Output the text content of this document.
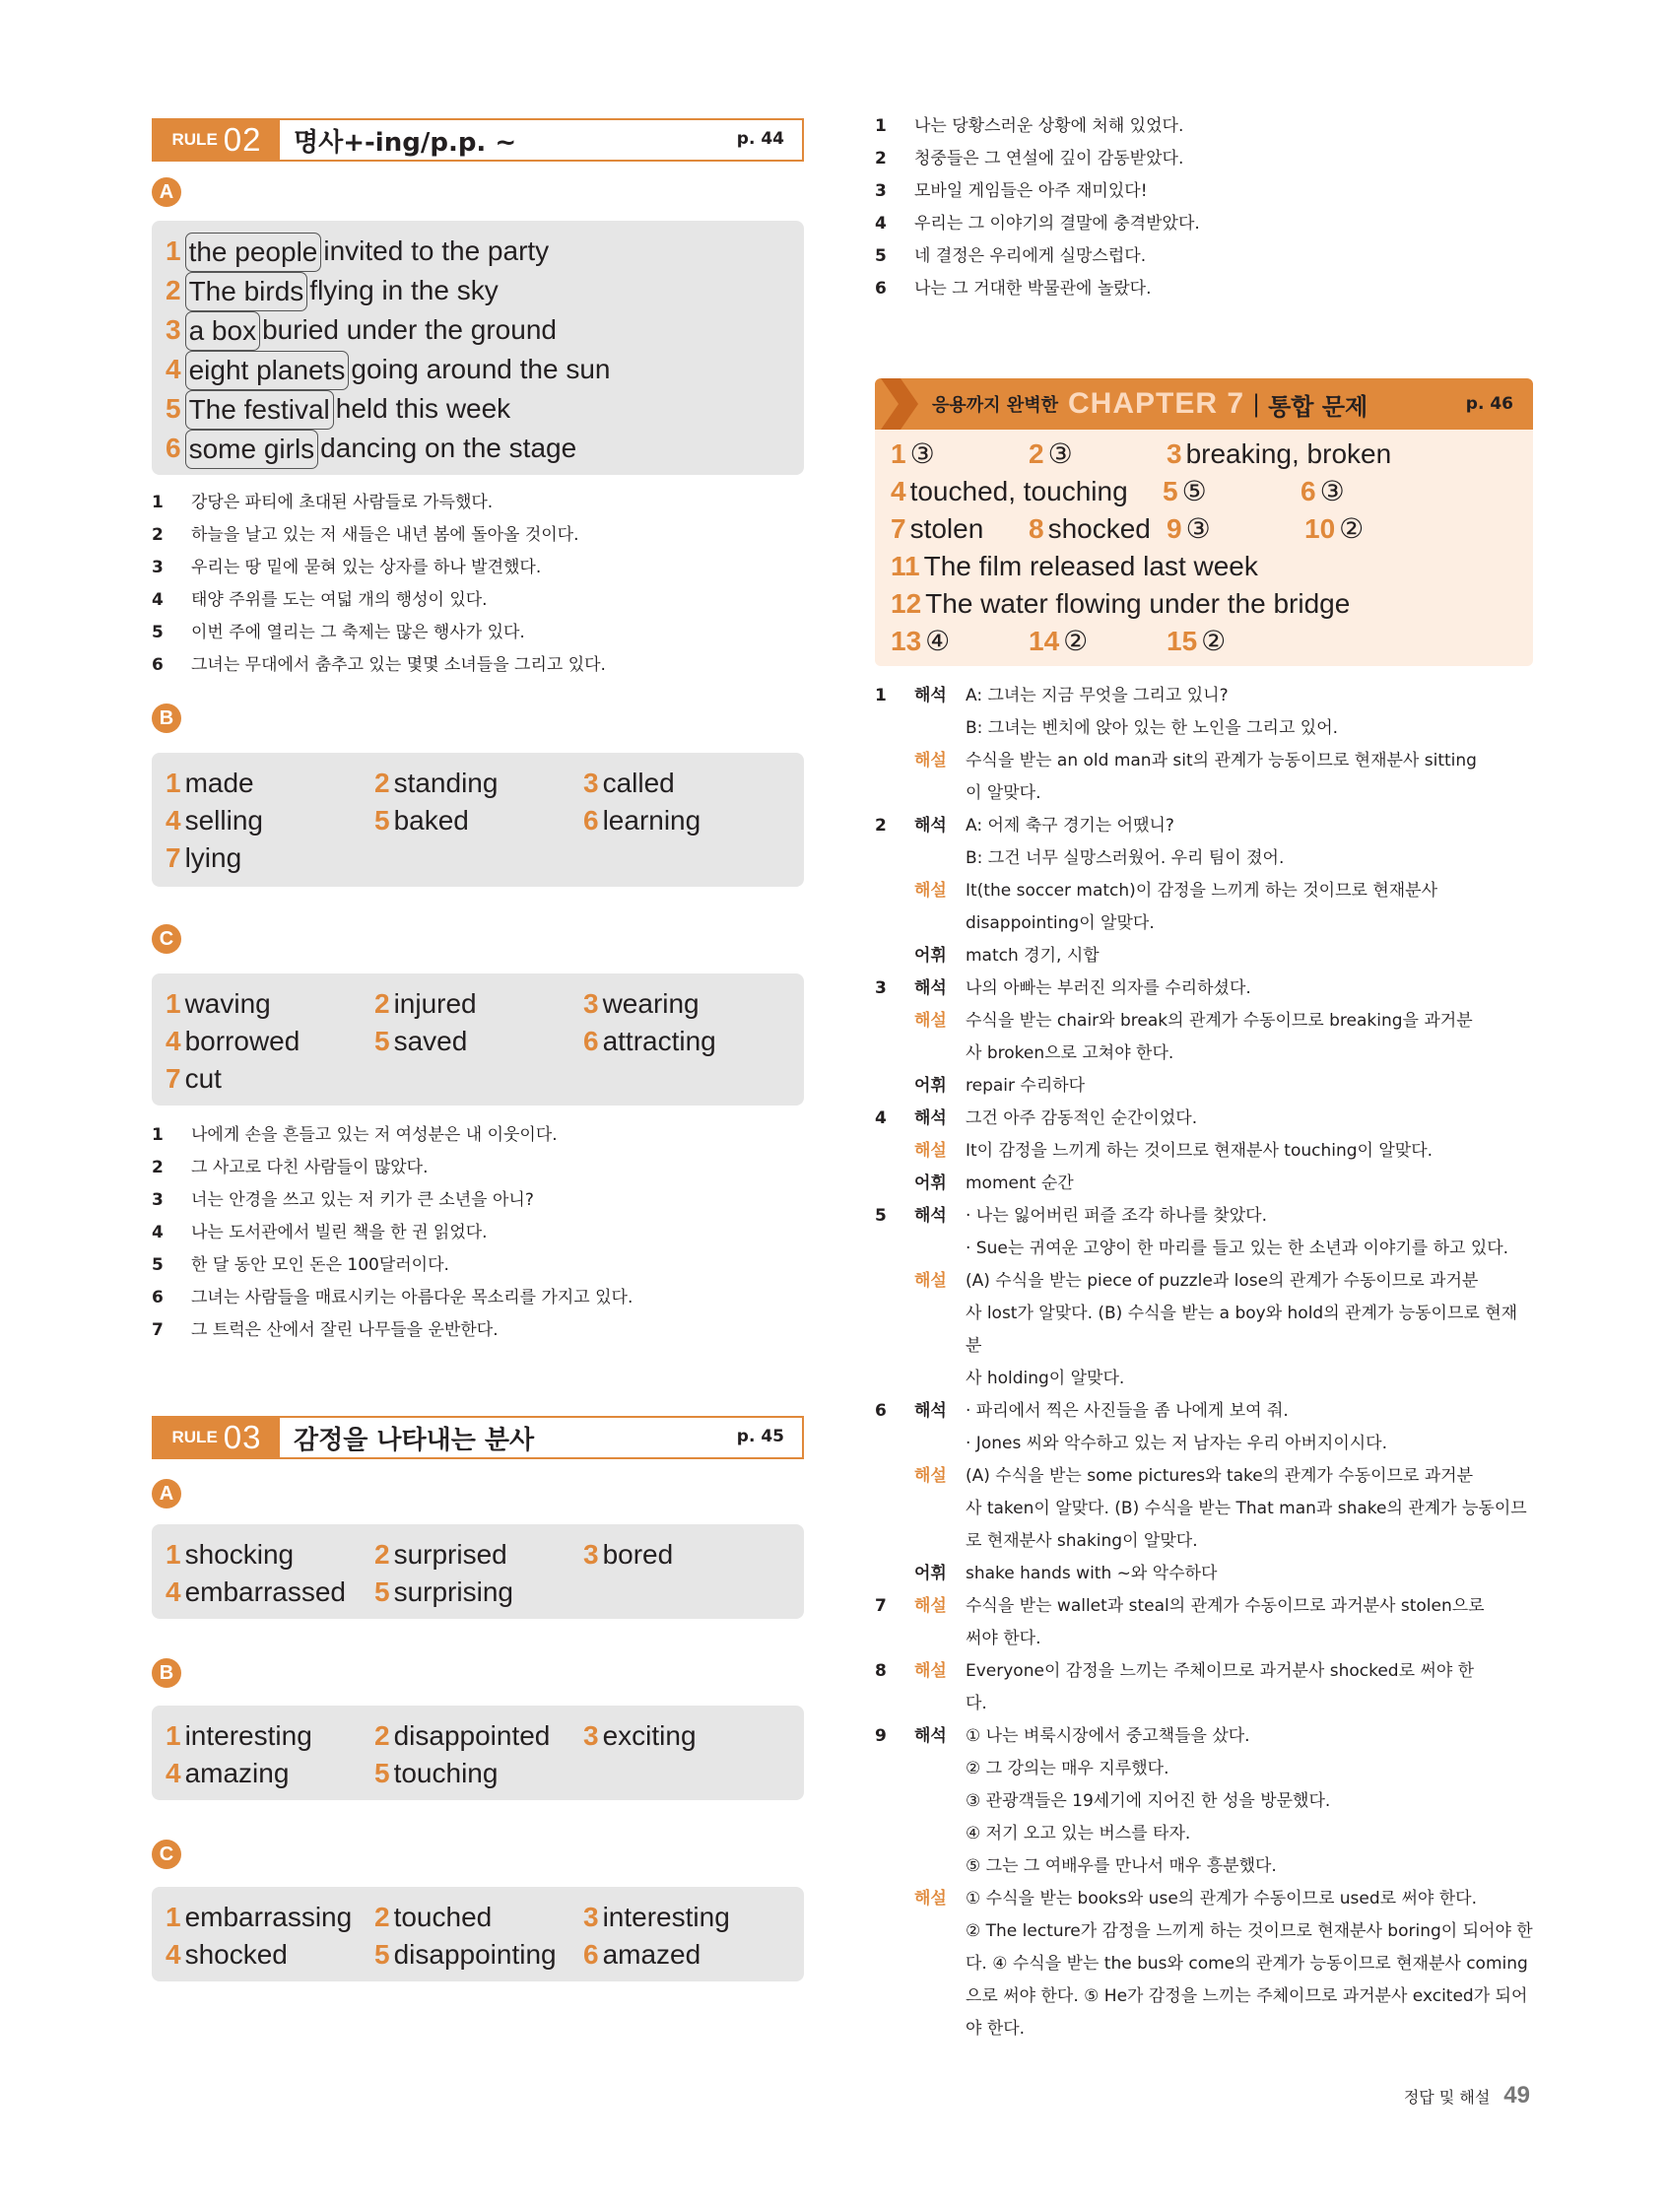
RULE 02 명사+-ing/p.p. ~	p. 44
A
1 the people invited to the party
2 The birds flying in the sky
3 a box buried under the ground
4 eight planets going around the sun
5 The festival held this week
6 some girls dancing on the stage
1	강당은 파티에 초대된 사람들로 가득했다.
2	하늘을 날고 있는 저 새들은 내년 봄에 돌아올 것이다.
3	우리는 땅 밑에 묻혀 있는 상자를 하나 발견했다.
4	태양 주위를 도는 여덟 개의 행성이 있다.
5	이번 주에 열리는 그 축제는 많은 행사가 있다.
6	그녀는 무대에서 춤추고 있는 몇몇 소녀들을 그리고 있다.
B
1 made	2 standing	3 called
4 selling	5 baked	6 learning
7 lying
C
1 waving	2 injured	3 wearing
4 borrowed	5 saved	6 attracting
7 cut
1	나에게 손을 흔들고 있는 저 여성분은 내 이웃이다.
2	그 사고로 다친 사람들이 많았다.
3	너는 안경을 쓰고 있는 저 키가 큰 소년을 아니?
4	나는 도서관에서 빌린 책을 한 권 읽었다.
5	한 달 동안 모인 돈은 100달러이다.
6	그녀는 사람들을 매료시키는 아름다운 목소리를 가지고 있다.
7	그 트럭은 산에서 잘린 나무들을 운반한다.
RULE 03 감정을 나타내는 분사	p. 45
A
1 shocking	2 surprised	3 bored
4 embarrassed 5 surprising
B
1 interesting 2 disappointed 3 exciting
4 amazing	5 touching
C
1 embarrassing 2 touched	3 interesting
4 shocked	5 disappointing 6 amazed
1	나는 당황스러운 상황에 처해 있었다.
2	청중들은 그 연설에 깊이 감동받았다.
3	모바일 게임들은 아주 재미있다!
4	우리는 그 이야기의 결말에 충격받았다.
5	네 결정은 우리에게 실망스럽다.
6	나는 그 거대한 박물관에 놀랐다.
응용까지 완벽한 CHAPTER 7 | 통합 문제	p. 46
1 ③	2 ③	3 breaking, broken
4 touched, touching 5 ⑤	6 ③
7 stolen 8 shocked 9 ③	10 ②
11 The film released last week
12 The water flowing under the bridge
13 ④	14 ②	15 ②
1	해석	A: 그녀는 지금 무엇을 그리고 있니?
B: 그녀는 벤치에 앉아 있는 한 노인을 그리고 있어.
해설	수식을 받는 an old man과 sit의 관계가 능동이므로 현재분사 sitting
이 알맞다.
2	해석	A: 어제 축구 경기는 어땠니?
B: 그건 너무 실망스러웠어. 우리 팀이 졌어.
해설	It(the soccer match)이 감정을 느끼게 하는 것이므로 현재분사
disappointing이 알맞다.
어휘	match 경기, 시합
3	해석	나의 아빠는 부러진 의자를 수리하셨다.
해설	수식을 받는 chair와 break의 관계가 수동이므로 breaking을 과거분
사 broken으로 고쳐야 한다.
어휘	repair 수리하다
4	해석	그건 아주 감동적인 순간이었다.
해설	It이 감정을 느끼게 하는 것이므로 현재분사 touching이 알맞다.
어휘	moment 순간
5	해석	· 나는 잃어버린 퍼즐 조각 하나를 찾았다.
· Sue는 귀여운 고양이 한 마리를 들고 있는 한 소년과 이야기를 하고 있다.
해설	(A) 수식을 받는 piece of puzzle과 lose의 관계가 수동이므로 과거분
사 lost가 알맞다. (B) 수식을 받는 a boy와 hold의 관계가 능동이므로 현재분
사 holding이 알맞다.
6	해석	· 파리에서 찍은 사진들을 좀 나에게 보여 줘.
· Jones 씨와 악수하고 있는 저 남자는 우리 아버지이시다.
해설	(A) 수식을 받는 some pictures와 take의 관계가 수동이므로 과거분
사 taken이 알맞다. (B) 수식을 받는 That man과 shake의 관계가 능동이므
로 현재분사 shaking이 알맞다.
어휘	shake hands with ~와 악수하다
7	해설	수식을 받는 wallet과 steal의 관계가 수동이므로 과거분사 stolen으로
써야 한다.
8	해설	Everyone이 감정을 느끼는 주체이므로 과거분사 shocked로 써야 한
다.
9	해석	① 나는 벼룩시장에서 중고책들을 샀다.
② 그 강의는 매우 지루했다.
③ 관광객들은 19세기에 지어진 한 성을 방문했다.
④ 저기 오고 있는 버스를 타자.
⑤ 그는 그 여배우를 만나서 매우 흥분했다.
해설	① 수식을 받는 books와 use의 관계가 수동이므로 used로 써야 한다.
② The lecture가 감정을 느끼게 하는 것이므로 현재분사 boring이 되어야 한
다. ④ 수식을 받는 the bus와 come의 관계가 능동이므로 현재분사 coming
으로 써야 한다. ⑤ He가 감정을 느끼는 주체이므로 과거분사 excited가 되어
야 한다.
정답 및 해설 49
